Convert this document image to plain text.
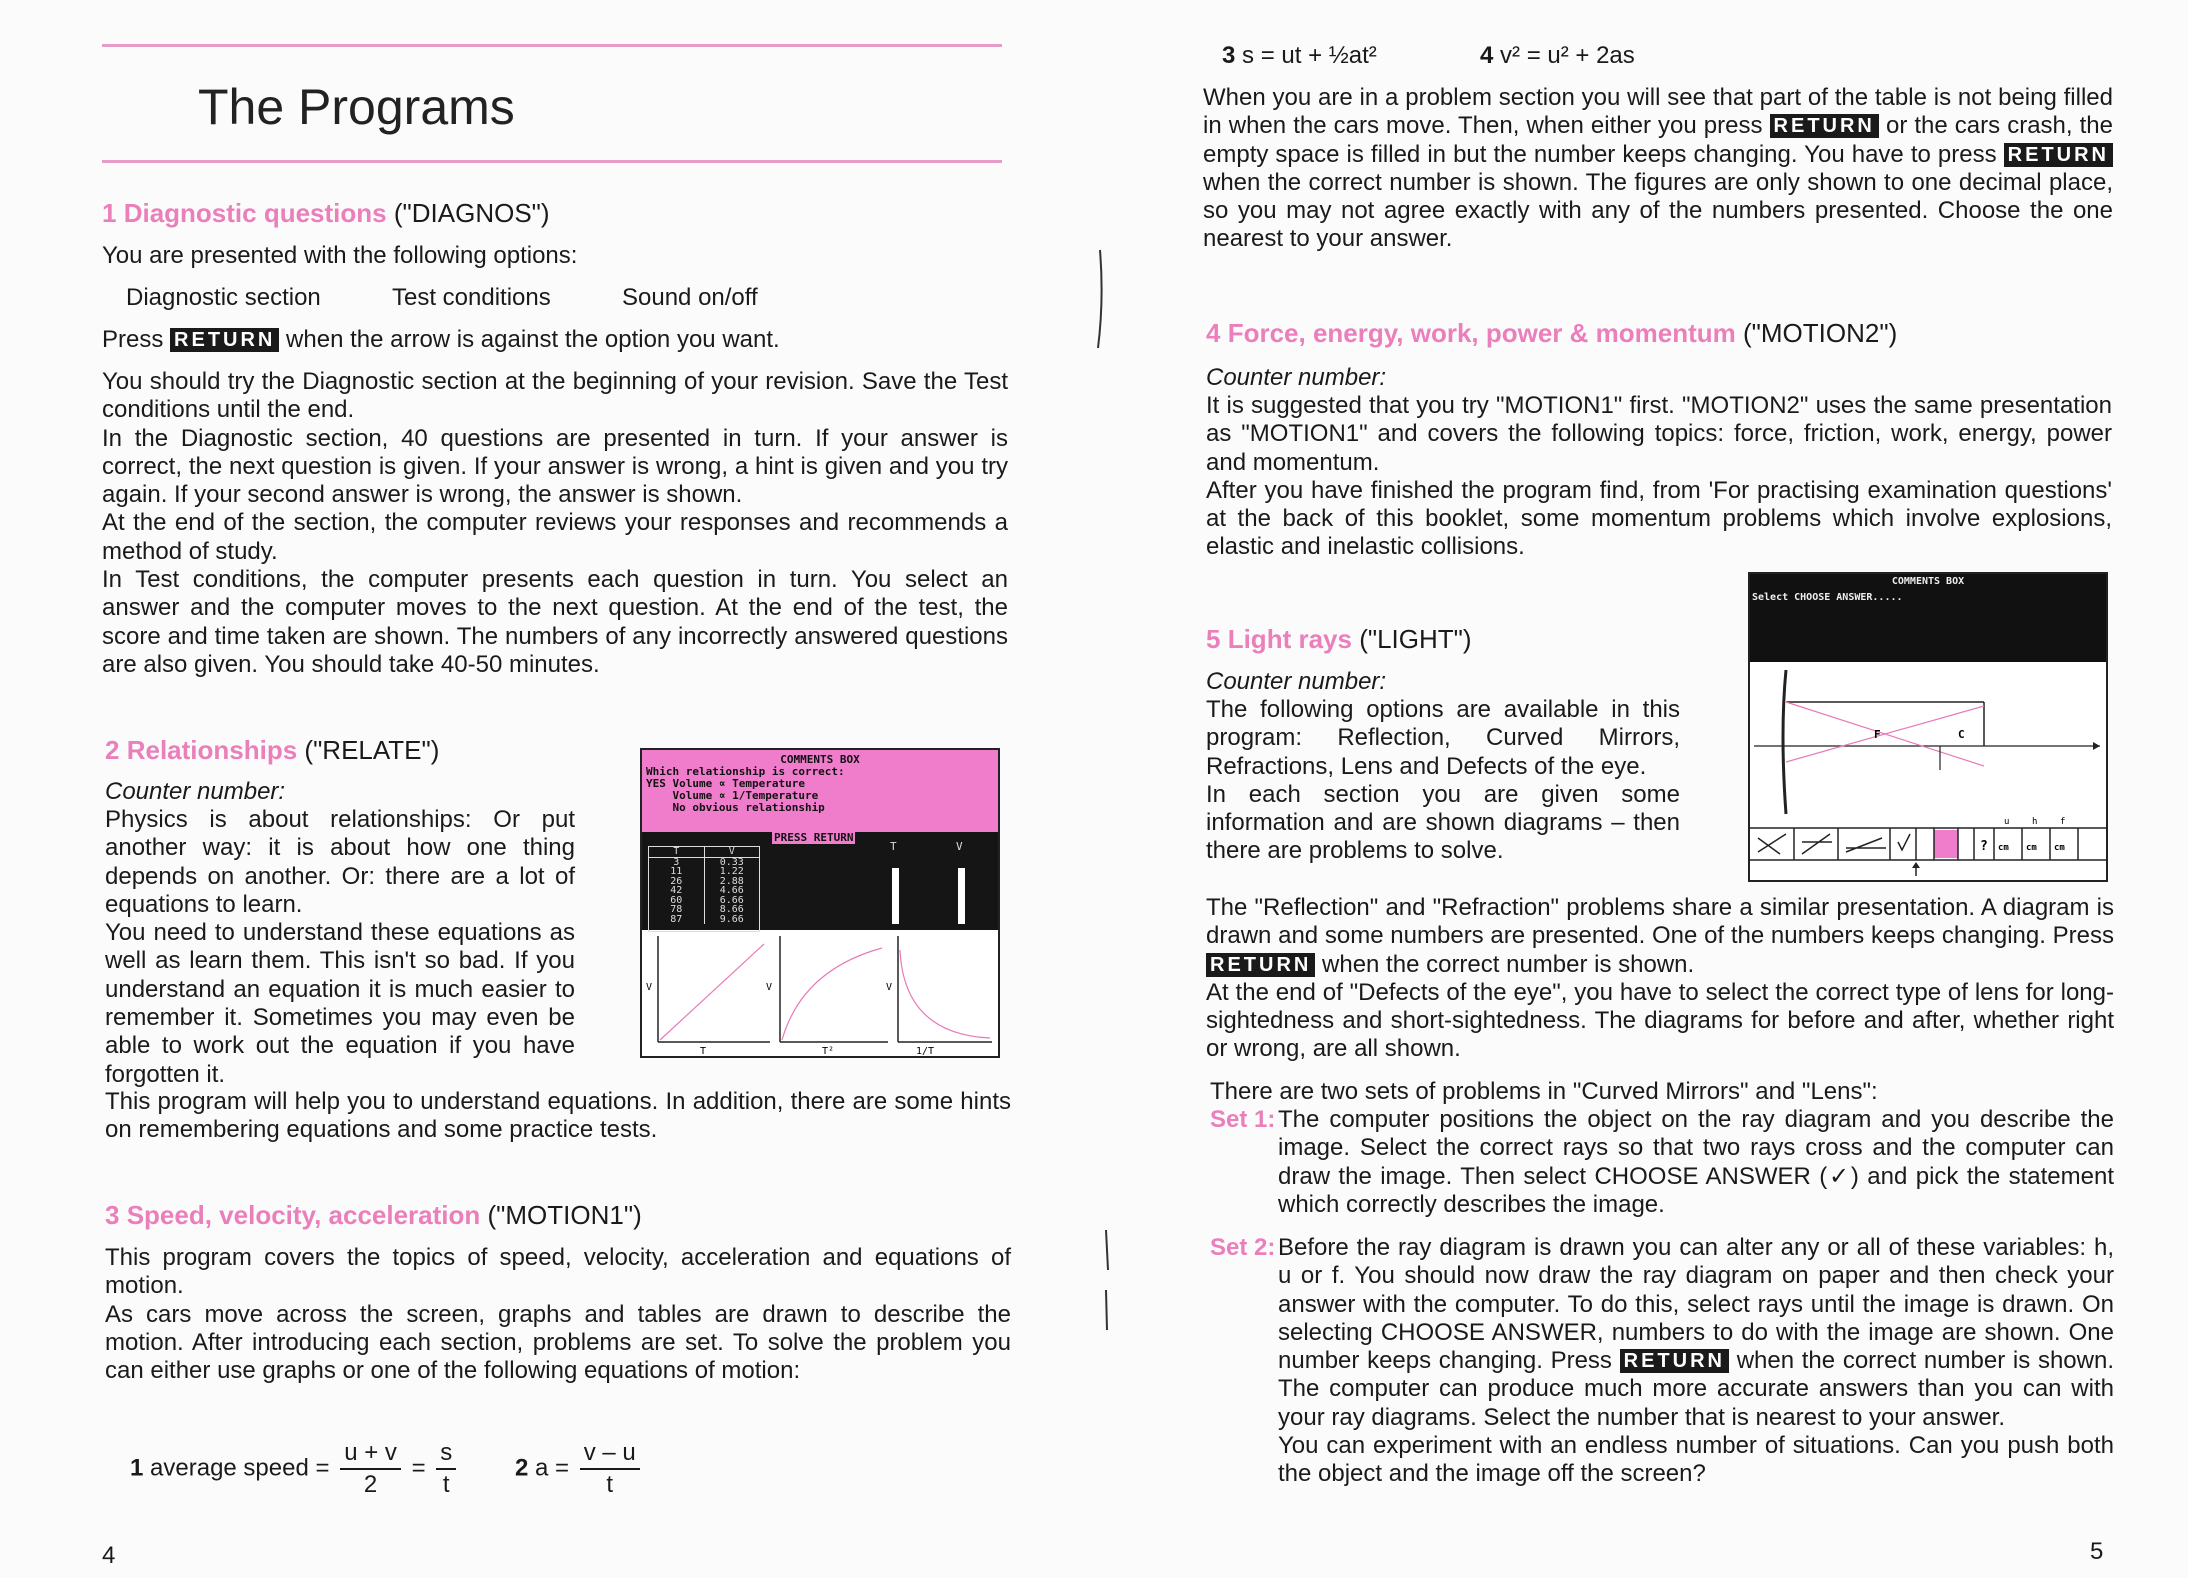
The Programs
1 Diagnostic questions ("DIAGNOS")
You are presented with the following options:
Diagnostic section	Test conditions	Sound on/off
Press RETURN when the arrow is against the option you want.

You should try the Diagnostic section at the beginning of your revision. Save the Test conditions until the end.

In the Diagnostic section, 40 questions are presented in turn. If your answer is correct, the next question is given. If your answer is wrong, a hint is given and you try again. If your second answer is wrong, the answer is shown.

At the end of the section, the computer reviews your responses and recommends a method of study.

In Test conditions, the computer presents each question in turn. You select an answer and the computer moves to the next question. At the end of the test, the score and time taken are shown. The numbers of any incorrectly answered questions are also given. You should take 40-50 minutes.

2 Relationships ("RELATE")
Counter number:

Physics is about relationships: Or put another way: it is about how one thing depends on another. Or: there are a lot of equations to learn.

You need to understand these equations as well as learn them. This isn't so bad. If you understand an equation it is much easier to remember it. Sometimes you may even be able to work out the equation if you have forgotten it.

This program will help you to understand equations. In addition, there are some hints on remembering equations and some practice tests.
COMMENTS BOX
Which relationship is correct:
YES Volume ∝ Temperature
Volume ∝ 1/Temperature
No obvious relationship
PRESS RETURN
T	V
3	0.33
11	1.22
26	2.88
42	4.66
60	6.66
78	8.66
87	9.66
T	V
V
T
V
T²
V
1/T
3 Speed, velocity, acceleration ("MOTION1")

This program covers the topics of speed, velocity, acceleration and equations of motion.

As cars move across the screen, graphs and tables are drawn to describe the motion. After introducing each section, problems are set. To solve the problem you can either use graphs or one of the following equations of motion:

1 average speed = $\frac{u + v}{2} = \frac{s}{t} 2$ $a = \frac{v - u}{t}$
4
3 s = ut + ½at²	4 v² = u² + 2as
When you are in a problem section you will see that part of the table is not being filled in when the cars move. Then, when either you press RETURN or the cars crash, the empty space is filled in but the number keeps changing. You have to press RETURN when the correct number is shown. The figures are only shown to one decimal place, so you may not agree exactly with any of the numbers presented. Choose the one nearest to your answer.
4 Force, energy, work, power & momentum ("MOTION2")
Counter number:

It is suggested that you try "MOTION1" first. "MOTION2" uses the same presentation as "MOTION1" and covers the following topics: force, friction, work, energy, power and momentum.

After you have finished the program find, from 'For practising examination questions' at the back of this booklet, some momentum problems which involve explosions, elastic and inelastic collisions.

COMMENTS BOX
Select CHOOSE ANSWER.....
F	C
? cm cm cm
u	h	f
5 Light rays ("LIGHT")
Counter number:

The following options are available in this program: Reflection, Curved Mirrors, Refractions, Lens and Defects of the eye.

In each section you are given some information and are shown diagrams – then there are problems to solve.

The "Reflection" and "Refraction" problems share a similar presentation. A diagram is drawn and some numbers are presented. One of the numbers keeps changing. Press RETURN when the correct number is shown.

At the end of "Defects of the eye", you have to select the correct type of lens for long-sightedness and short-sightedness. The diagrams for before and after, whether right or wrong, are all shown.

There are two sets of problems in "Curved Mirrors" and "Lens":
Set 1: The computer positions the object on the ray diagram and you describe the image. Select the correct rays so that two rays cross and the computer can draw the image. Then select CHOOSE ANSWER (✓) and pick the statement which correctly describes the image.
Set 2: Before the ray diagram is drawn you can alter any or all of these variables: h, u or f. You should now draw the ray diagram on paper and then check your answer with the computer. To do this, select rays until the image is drawn. On selecting CHOOSE ANSWER, numbers to do with the image are shown. One number keeps changing. Press RETURN when the correct number is shown. The computer can produce much more accurate answers than you can with your ray diagrams. Select the number that is nearest to your answer.

You can experiment with an endless number of situations. Can you push both the object and the image off the screen?

5
